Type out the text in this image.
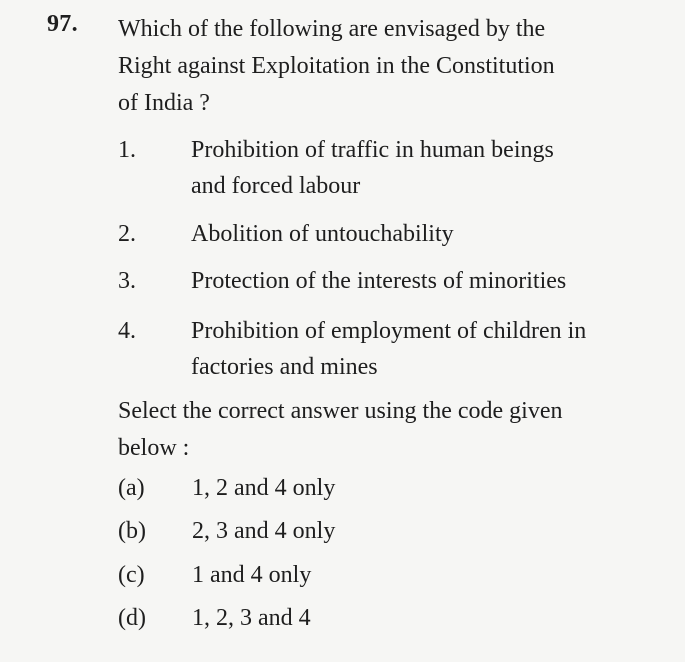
97. Which of the following are envisaged by the
Right against Exploitation in the Constitution
of India ?
1. Prohibition of traffic in human beings
and forced labour
2. Abolition of untouchability
3. Protection of the interests of minorities
4. Prohibition of employment of children in
factories and mines
Select the correct answer using the code given
below :
(a) 1, 2 and 4 only
(b) 2, 3 and 4 only
(c) 1 and 4 only
(d) 1, 2, 3 and 4
